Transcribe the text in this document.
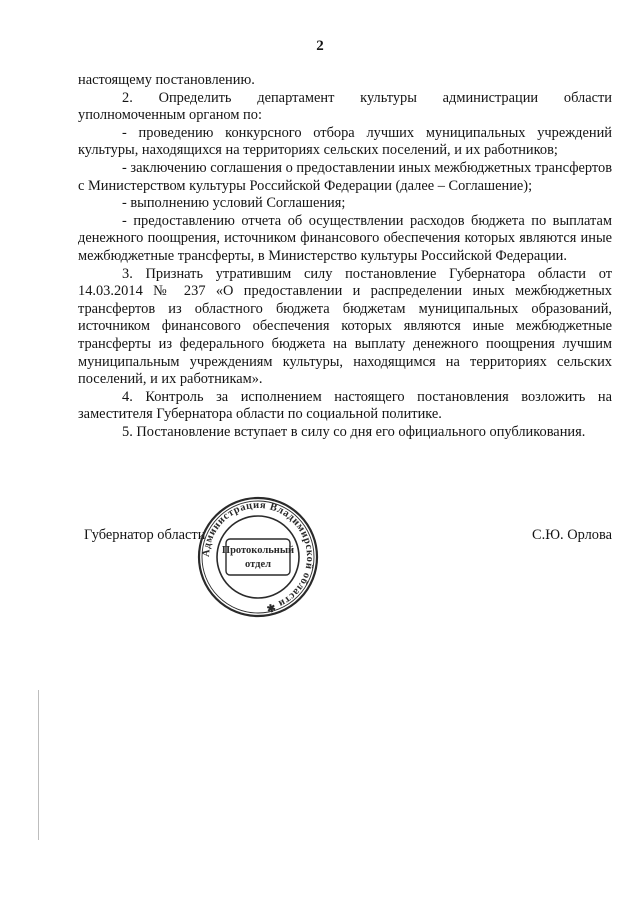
2

настоящему постановлению.

2. Определить департамент культуры администрации области уполномоченным органом по:

- проведению конкурсного отбора лучших муниципальных учреждений культуры, находящихся на территориях сельских поселений, и их работников;

- заключению соглашения о предоставлении иных межбюджетных трансфертов с Министерством культуры Российской Федерации (далее – Соглашение);

- выполнению условий Соглашения;

- предоставлению отчета об осуществлении расходов бюджета по выплатам денежного поощрения, источником финансового обеспечения которых являются иные межбюджетные трансферты, в Министерство культуры Российской Федерации.

3. Признать утратившим силу постановление Губернатора области от 14.03.2014 № 237 «О предоставлении и распределении иных межбюджетных трансфертов из областного бюджета бюджетам муниципальных образований, источником финансового обеспечения которых являются иные межбюджетные трансферты из федерального бюджета на выплату денежного поощрения лучшим муниципальным учреждениям культуры, находящимся на территориях сельских поселений, и их работникам».

4. Контроль за исполнением настоящего постановления возложить на заместителя Губернатора области по социальной политике.

5. Постановление вступает в силу со дня его официального опубликования.

Губернатор области	С.Ю. Орлова
Администрация Владимирской области ✱
Протокольный
отдел
